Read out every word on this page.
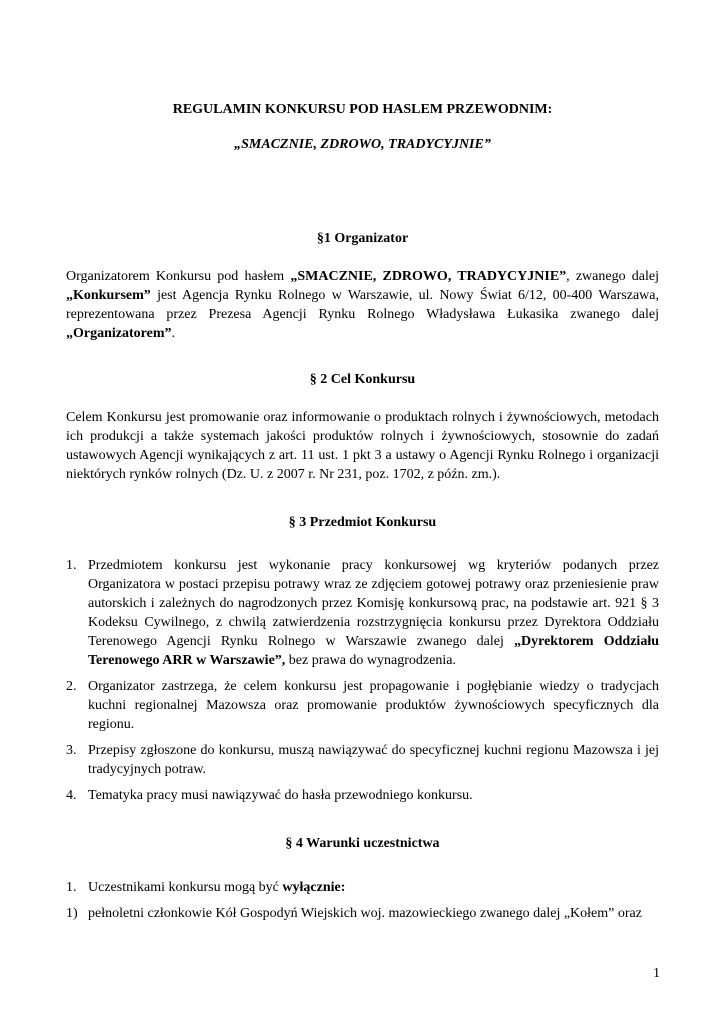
REGULAMIN KONKURSU POD HASLEM PRZEWODNIM:
„SMACZNIE, ZDROWO, TRADYCYJNIE”
§1 Organizator
Organizatorem Konkursu pod hasłem „SMACZNIE, ZDROWO, TRADYCYJNIE”, zwanego dalej „Konkursem” jest Agencja Rynku Rolnego w Warszawie, ul. Nowy Świat 6/12, 00-400 Warszawa, reprezentowana przez Prezesa Agencji Rynku Rolnego Władysława Łukasika zwanego dalej „Organizatorem”.
§ 2 Cel Konkursu
Celem Konkursu jest promowanie oraz informowanie o produktach rolnych i żywnościowych, metodach ich produkcji a także systemach jakości produktów rolnych i żywnościowych, stosownie do zadań ustawowych Agencji wynikających z art. 11 ust. 1 pkt 3 a ustawy o Agencji Rynku Rolnego i organizacji niektórych rynków rolnych (Dz. U. z 2007 r. Nr 231, poz. 1702, z późn. zm.).
§ 3 Przedmiot Konkursu
1. Przedmiotem konkursu jest wykonanie pracy konkursowej wg kryteriów podanych przez Organizatora w postaci przepisu potrawy wraz ze zdjęciem gotowej potrawy oraz przeniesienie praw autorskich i zależnych do nagrodzonych przez Komisję konkursową prac, na podstawie art. 921 § 3 Kodeksu Cywilnego, z chwilą zatwierdzenia rozstrzygnięcia konkursu przez Dyrektora Oddziału Terenowego Agencji Rynku Rolnego w Warszawie zwanego dalej „Dyrektorem Oddziału Terenowego ARR w Warszawie”, bez prawa do wynagrodzenia.
2. Organizator zastrzega, że celem konkursu jest propagowanie i pogłębianie wiedzy o tradycjach kuchni regionalnej Mazowsza oraz promowanie produktów żywnościowych specyficznych dla regionu.
3. Przepisy zgłoszone do konkursu, muszą nawiązywać do specyficznej kuchni regionu Mazowsza i jej tradycyjnych potraw.
4. Tematyka pracy musi nawiązywać do hasła przewodniego konkursu.
§ 4 Warunki uczestnictwa
1. Uczestnikami konkursu mogą być wyłącznie:
1) pełnoletni członkowie Kół Gospodyń Wiejskich woj. mazowieckiego zwanego dalej „Kołem” oraz
1
